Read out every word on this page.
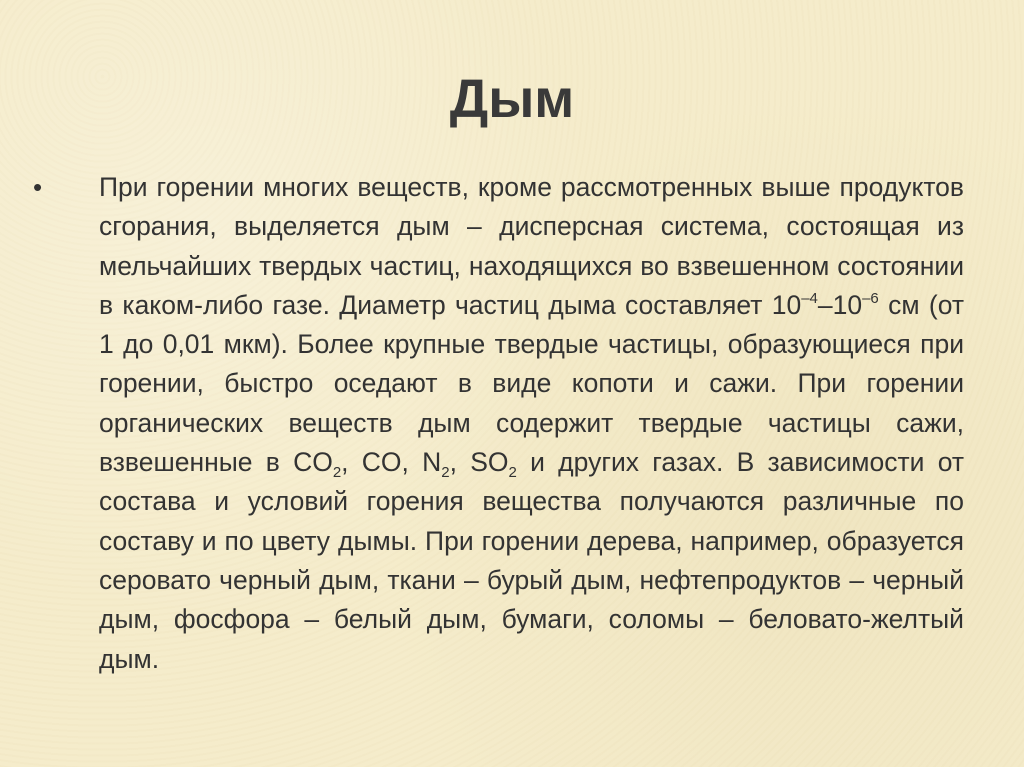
Дым
• При горении многих веществ, кроме рассмотренных выше продуктов сгорания, выделяется дым – дисперсная система, состоящая из мельчайших твердых частиц, находящихся во взвешенном состоянии в каком-либо газе. Диаметр частиц дыма составляет $10^{-4}-10^{-6}$ см (от 1 до 0,01 мкм). Более крупные твердые частицы, образующиеся при горении, быстро оседают в виде копоти и сажи. При горении органических веществ дым содержит твердые частицы сажи, взвешенные в $CO_2$, CO, $N_2$, $SO_2$ и других газах. В зависимости от состава и условий горения вещества получаются различные по составу и по цвету дымы. При горении дерева, например, образуется серовато черный дым, ткани – бурый дым, нефтепродуктов – черный дым, фосфора – белый дым, бумаги, соломы – беловато-желтый дым.
